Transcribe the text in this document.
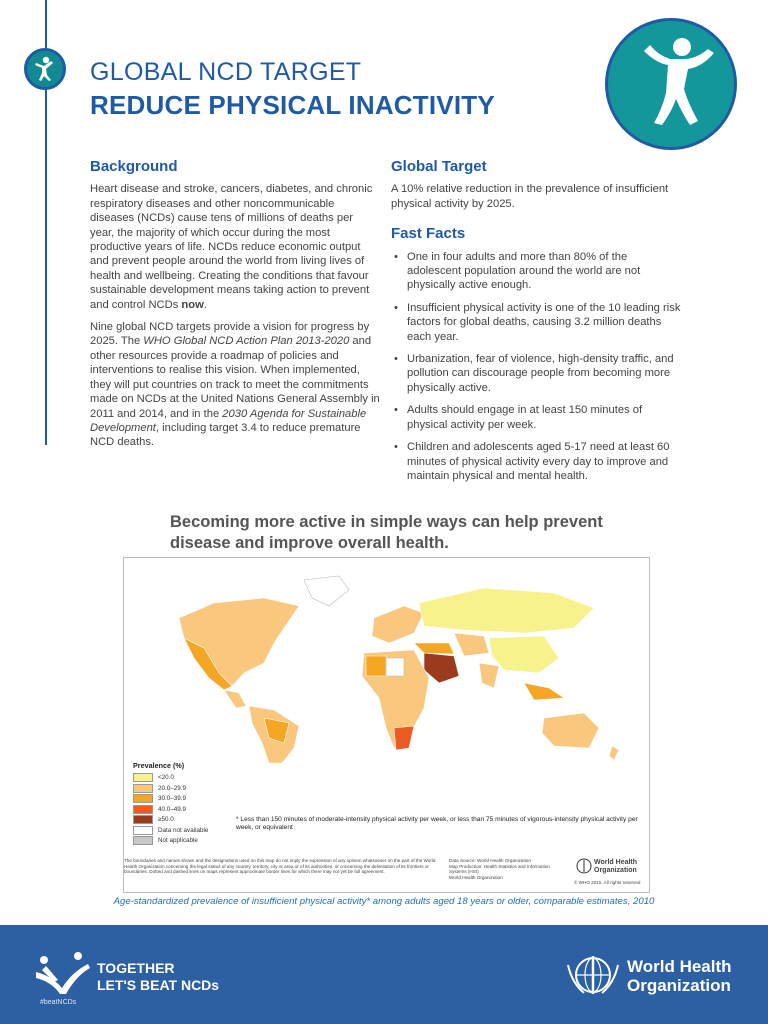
GLOBAL NCD TARGET
REDUCE PHYSICAL INACTIVITY
Background

Heart disease and stroke, cancers, diabetes, and chronic respiratory diseases and other noncommunicable diseases (NCDs) cause tens of millions of deaths per year, the majority of which occur during the most productive years of life. NCDs reduce economic output and prevent people around the world from living lives of health and wellbeing. Creating the conditions that favour sustainable development means taking action to prevent and control NCDs now.

Nine global NCD targets provide a vision for progress by 2025. The WHO Global NCD Action Plan 2013-2020 and other resources provide a roadmap of policies and interventions to realise this vision. When implemented, they will put countries on track to meet the commitments made on NCDs at the United Nations General Assembly in 2011 and 2014, and in the 2030 Agenda for Sustainable Development, including target 3.4 to reduce premature NCD deaths.

Global Target

A 10% relative reduction in the prevalence of insufficient physical activity by 2025.

Fast Facts
• One in four adults and more than 80% of the adolescent population around the world are not physically active enough.
• Insufficient physical activity is one of the 10 leading risk factors for global deaths, causing 3.2 million deaths each year.
• Urbanization, fear of violence, high-density traffic, and pollution can discourage people from becoming more physically active.
• Adults should engage in at least 150 minutes of physical activity per week.
• Children and adolescents aged 5-17 need at least 60 minutes of physical activity every day to improve and maintain physical and mental health.
Becoming more active in simple ways can help prevent disease and improve overall health.
Prevalence (%)
<20.0
20.0–29.9
30.0–39.9
40.0–49.9
≥50.0
Data not available
Not applicable
* Less than 150 minutes of moderate-intensity physical activity per week, or less than 75 minutes of vigorous-intensity physical activity per week, or equivalent
The boundaries and names shown and the designations used on this map do not imply the expression of any opinion whatsoever on the part of the World Health Organization concerning the legal status of any country, territory, city or area or of its authorities, or concerning the delimitation of its frontiers or boundaries. Dotted and dashed lines on maps represent approximate border lines for which there may not yet be full agreement.
Data Source: World Health Organization
Map Production: Health Statistics and Information Systems (HSI)
World Health Organization
World Health
Organization
© WHO 2015. All rights reserved
Age-standardized prevalence of insufficient physical activity* among adults aged 18 years or older, comparable estimates, 2010
TOGETHER
LET'S BEAT NCDs
#beatNCDs
World Health
Organization
